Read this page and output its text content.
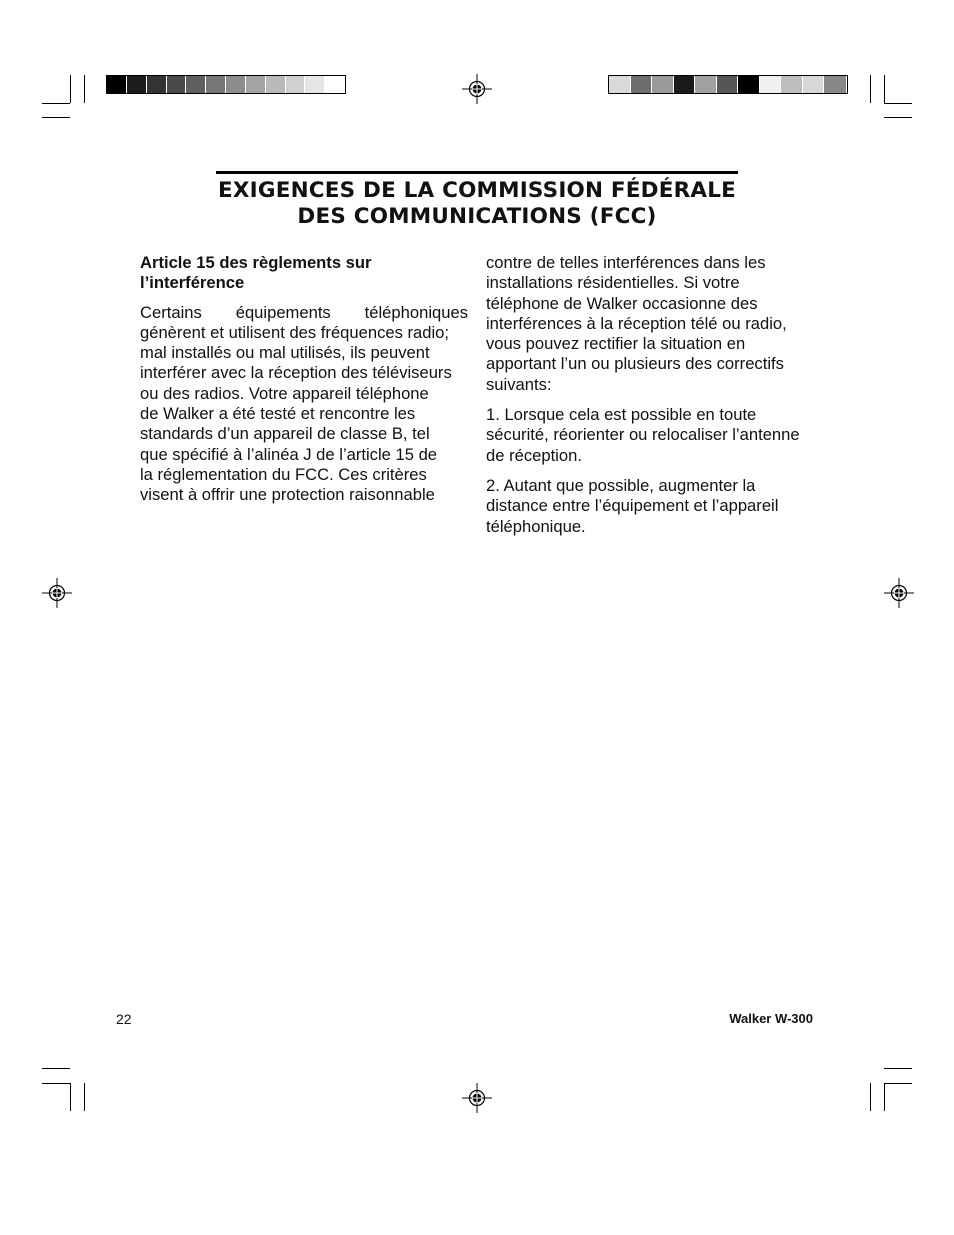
EXIGENCES DE LA COMMISSION FÉDÉRALE
DES COMMUNICATIONS (FCC)
Article 15 des règlements sur
l’interférence

Certains équipements téléphoniques
génèrent et utilisent des fréquences radio;
mal installés ou mal utilisés, ils peuvent
interférer avec la réception des téléviseurs
ou des radios. Votre appareil téléphone
de Walker a été testé et rencontre les
standards d’un appareil de classe B, tel
que spécifié à l’alinéa J de l’article 15 de
la réglementation du FCC. Ces critères
visent à offrir une protection raisonnable

contre de telles interférences dans les
installations résidentielles. Si votre
téléphone de Walker occasionne des
interférences à la réception télé ou radio,
vous pouvez rectifier la situation en
apportant l’un ou plusieurs des correctifs
suivants:

1. Lorsque cela est possible en toute
sécurité, réorienter ou relocaliser l’antenne
de réception.

2. Autant que possible, augmenter la
distance entre l’équipement et l’appareil
téléphonique.

22	Walker W-300
